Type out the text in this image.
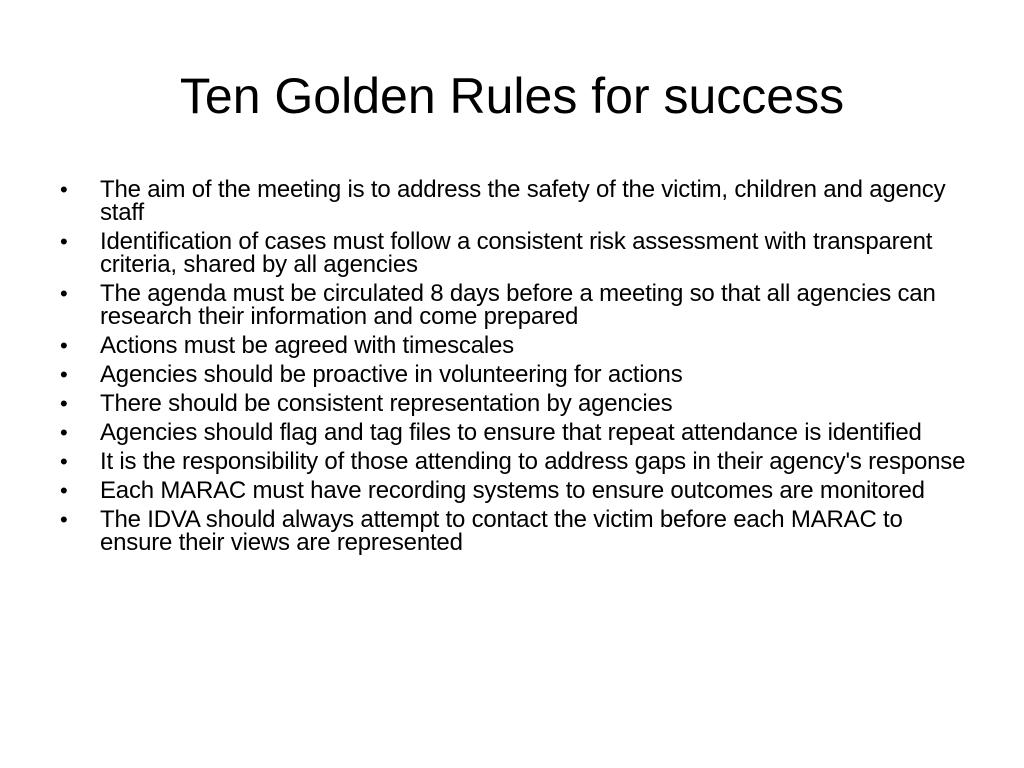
Ten Golden Rules for success
• The aim of the meeting is to address the safety of the victim, children and agency staff
• Identification of cases must follow a consistent risk assessment with transparent criteria, shared by all agencies
• The agenda must be circulated 8 days before a meeting so that all agencies can research their information and come prepared
• Actions must be agreed with timescales
• Agencies should be proactive in volunteering for actions
• There should be consistent representation by agencies
• Agencies should flag and tag files to ensure that repeat attendance is identified
• It is the responsibility of those attending to address gaps in their agency's response
• Each MARAC must have recording systems to ensure outcomes are monitored
• The IDVA should always attempt to contact the victim before each MARAC to ensure their views are represented
